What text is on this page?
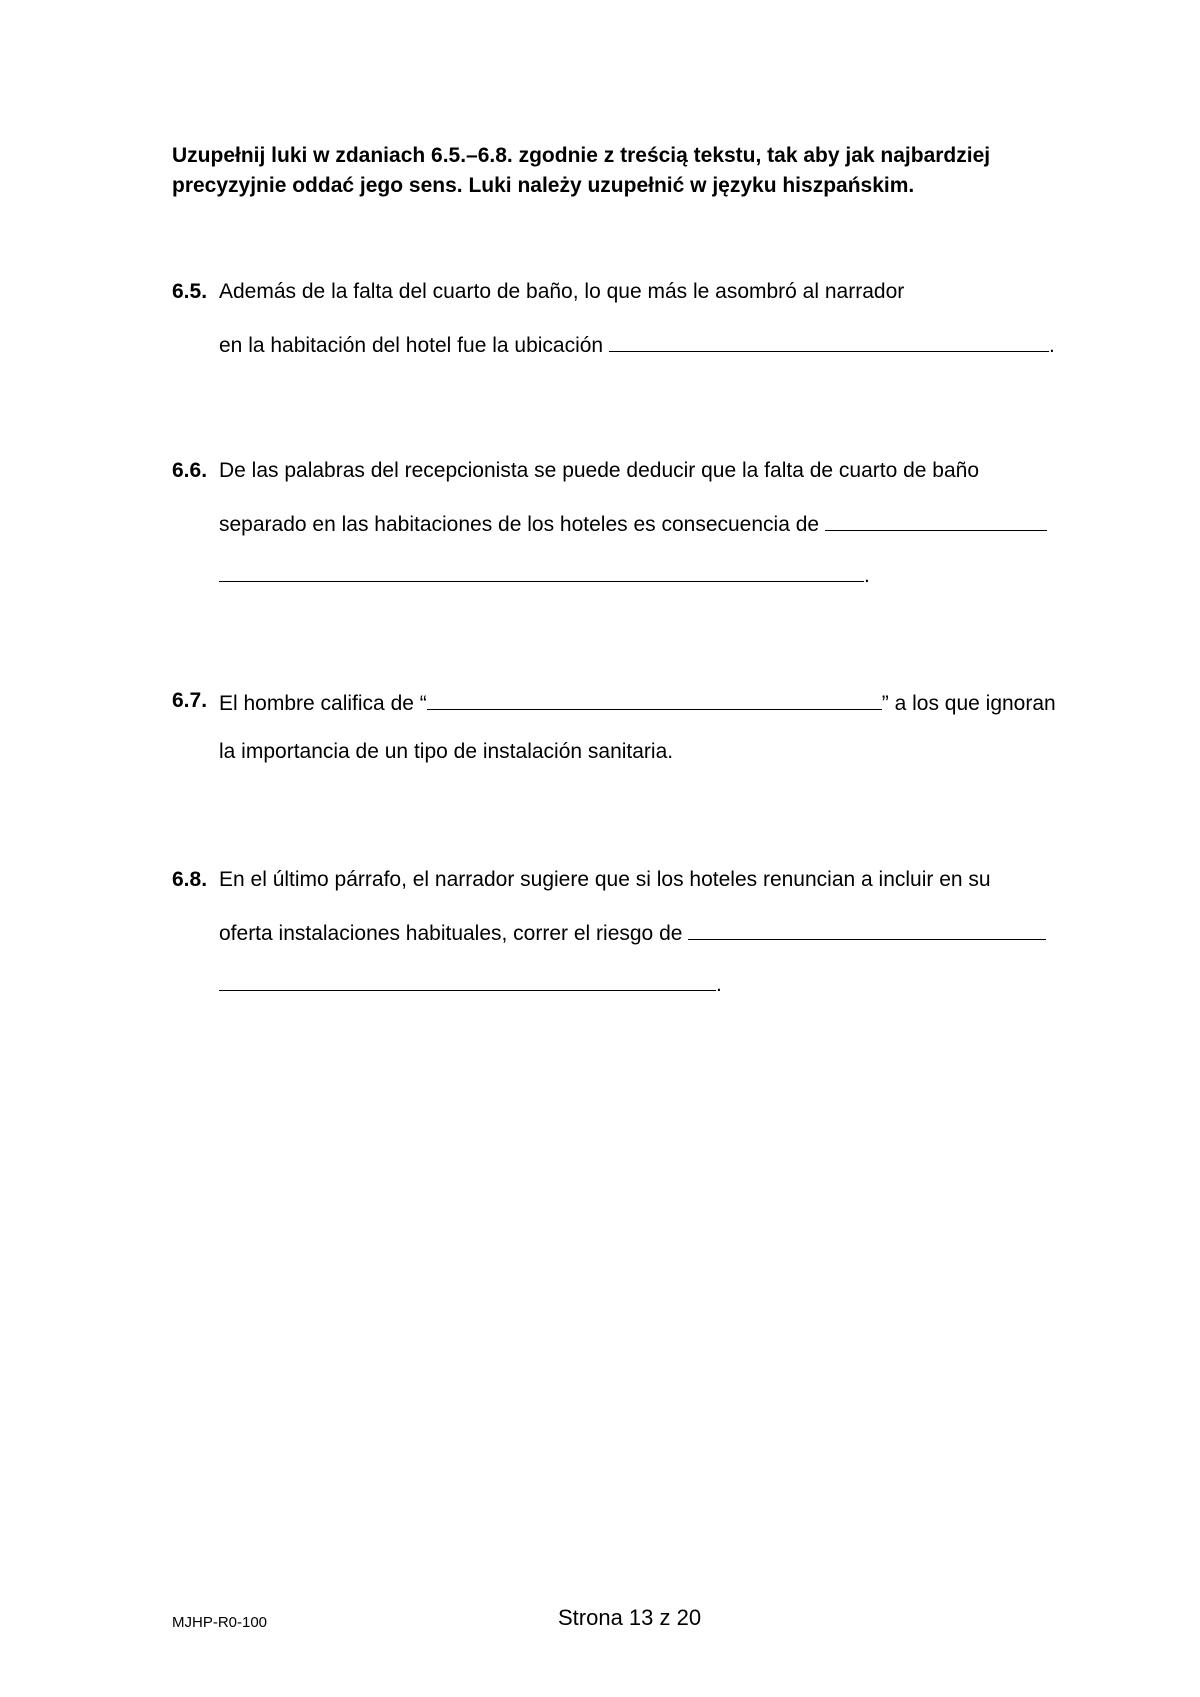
Uzupełnij luki w zdaniach 6.5.–6.8. zgodnie z treścią tekstu, tak aby jak najbardziej
precyzyjnie oddać jego sens. Luki należy uzupełnić w języku hiszpańskim.
6.5. Además de la falta del cuarto de baño, lo que más le asombró al narrador
en la habitación del hotel fue la ubicación	.
6.6. De las palabras del recepcionista se puede deducir que la falta de cuarto de baño
separado en las habitaciones de los hoteles es consecuencia de
.
6.7. El hombre califica de “	” a los que ignoran
la importancia de un tipo de instalación sanitaria.
6.8. En el último párrafo, el narrador sugiere que si los hoteles renuncian a incluir en su
oferta instalaciones habituales, correr el riesgo de
.
MJHP-R0-100	Strona 13 z 20
